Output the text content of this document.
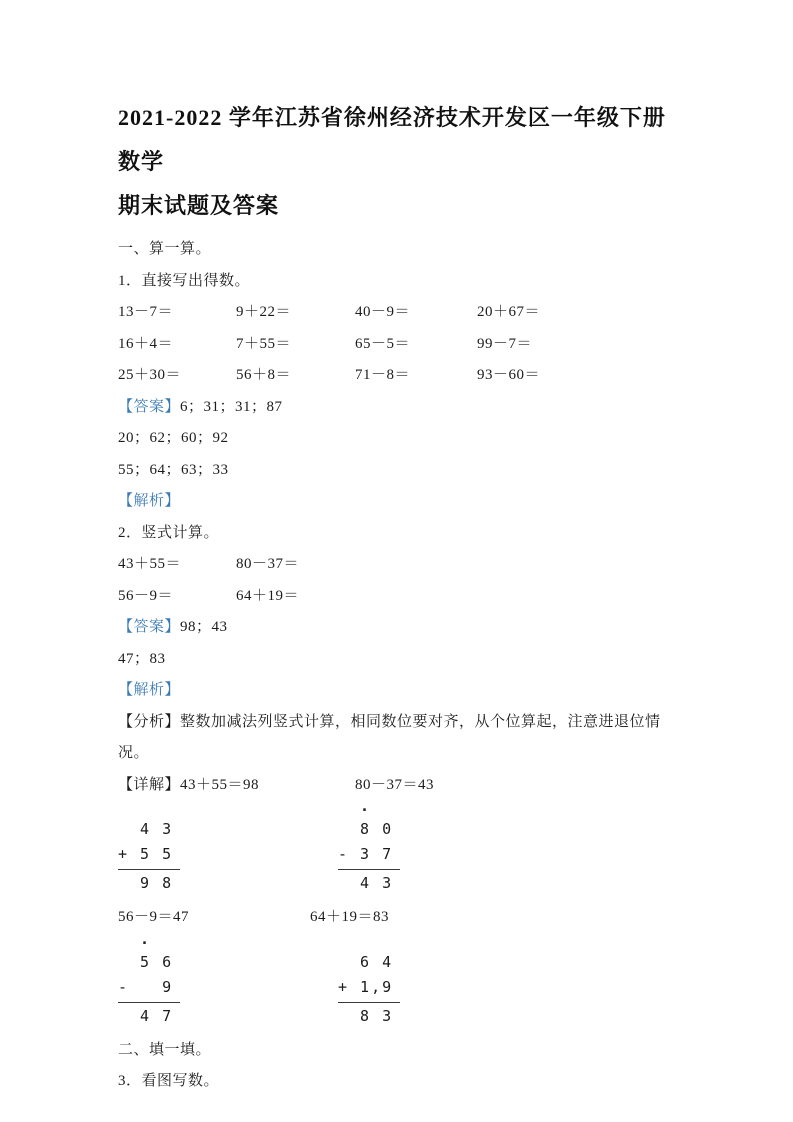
2021-2022 学年江苏省徐州经济技术开发区一年级下册数学
期末试题及答案

一、算一算。

1．直接写出得数。

13－7＝	9＋22＝	40－9＝	20＋67＝
16＋4＝	7＋55＝	65－5＝	99－7＝
25＋30＝	56＋8＝	71－8＝	93－60＝

【答案】6；31；31；87

20；62；60；92

55；64；63；33

【解析】

2．竖式计算。

43＋55＝	80－37＝
56－9＝	64＋19＝

【答案】98；43

47；83

【解析】

【分析】整数加减法列竖式计算，相同数位要对齐，从个位算起，注意进退位情况。

【详解】43＋55＝98	80－37＝43

4 3
+ 5 5
9 8
·
8 0
- 3 7
4 3
56－9＝47	64＋19＝83
·
5 6
-   9
4 7

6 4
+ 1,9
8 3

二、填一填。

3．看图写数。
